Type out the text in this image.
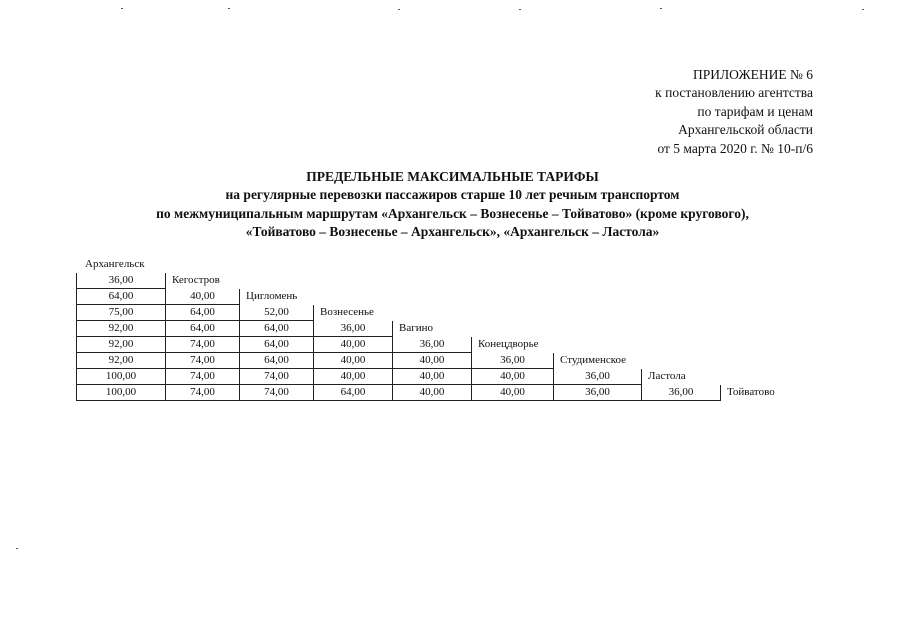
ПРИЛОЖЕНИЕ № 6
к постановлению агентства
по тарифам и ценам
Архангельской области
от 5 марта 2020 г. № 10-п/6
ПРЕДЕЛЬНЫЕ МАКСИМАЛЬНЫЕ ТАРИФЫ
на регулярные перевозки пассажиров старше 10 лет речным транспортом
по межмуниципальным маршрутам «Архангельск – Вознесенье – Тойватово» (кроме кругового),
«Тойватово – Вознесенье – Архангельск», «Архангельск – Ластола»
Архангельск								
36,00	Кегостров							
64,00	40,00	Цигломень						
75,00	64,00	52,00	Вознесенье					
92,00	64,00	64,00	36,00	Вагино				
92,00	74,00	64,00	40,00	36,00	Конецдворье			
92,00	74,00	64,00	40,00	40,00	36,00	Студименское		
100,00	74,00	74,00	40,00	40,00	40,00	36,00	Ластола	
100,00	74,00	74,00	64,00	40,00	40,00	36,00	36,00	Тойватово
